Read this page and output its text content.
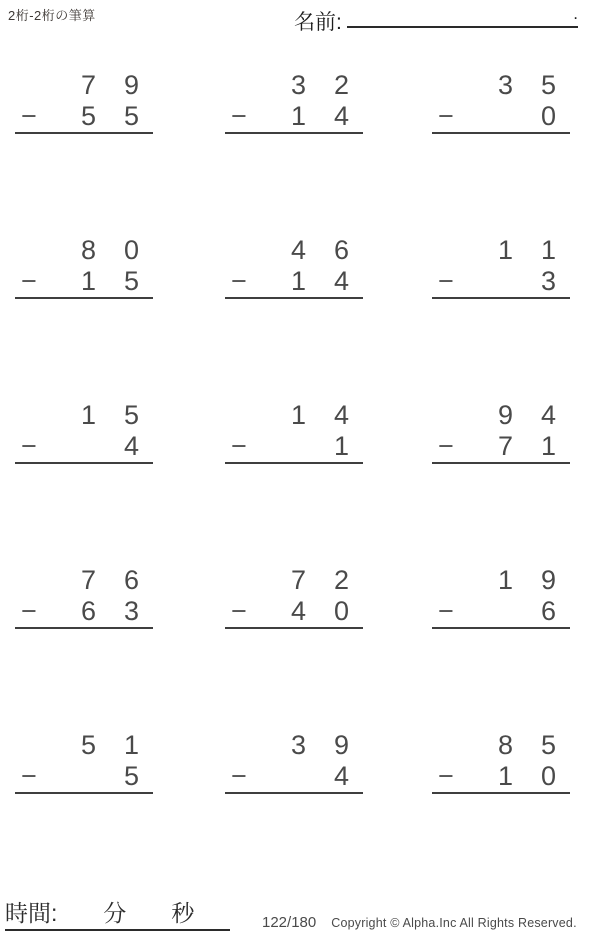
2桁-2桁の筆算	名前:	.
7 9
5 5
−
3 2
1 4
−
3 5
0
−
8 0
1 5
−
4 6
1 4
−
1 1
3
−
1 5
4
−
1 4
1
−
9 4
7 1
−
7 6
6 3
−
7 2
4 0
−
1 9
6
−
5 1
5
−
3 9
4
−
8 5
1 0
−
時間: 分 秒	122/180 Copyright © Alpha.Inc All Rights Reserved.
